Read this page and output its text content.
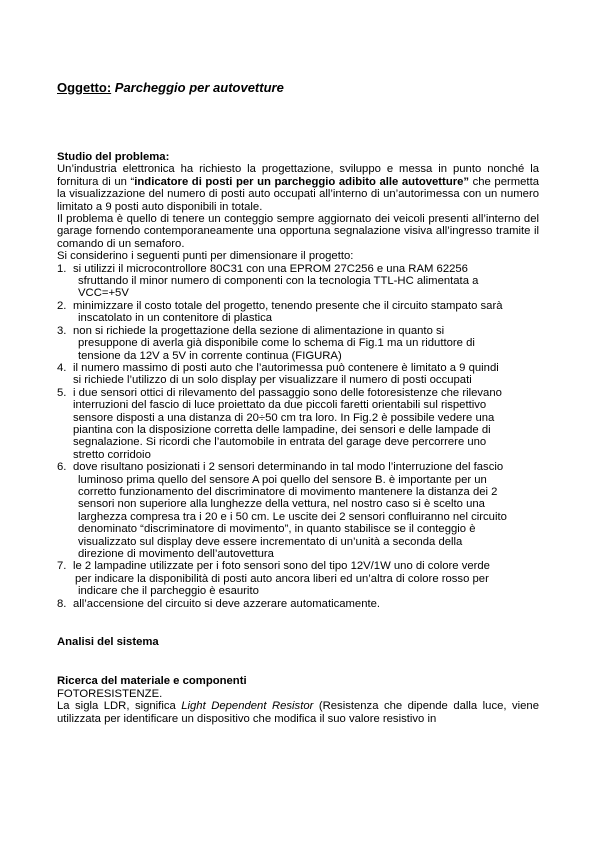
Oggetto: Parcheggio per autovetture

Studio del problema:

Un’industria elettronica ha richiesto la progettazione, sviluppo e messa in punto nonché la fornitura di un “indicatore di posti per un parcheggio adibito alle autovetture” che permetta la visualizzazione del numero di posti auto occupati all’interno di un’autorimessa con un numero limitato a 9 posti auto disponibili in totale.
Il problema è quello di tenere un conteggio sempre aggiornato dei veicoli presenti all’interno del garage fornendo contemporaneamente una opportuna segnalazione visiva all’ingresso tramite il comando di un semaforo.

Si considerino i seguenti punti per dimensionare il progetto:

1. si utilizzi il microcontrollore 80C31 con una EPROM 27C256 e una RAM 62256
sfruttando il minor numero di componenti con la tecnologia TTL-HC alimentata a
VCC=+5V
2. minimizzare il costo totale del progetto, tenendo presente che il circuito stampato sarà
inscatolato in un contenitore di plastica
3. non si richiede la progettazione della sezione di alimentazione in quanto si
presuppone di averla già disponibile come lo schema di Fig.1 ma un riduttore di
tensione da 12V a 5V in corrente continua (FIGURA)
4. il numero massimo di posti auto che l’autorimessa può contenere è limitato a 9 quindi
si richiede l’utilizzo di un solo display per visualizzare il numero di posti occupati
5. i due sensori ottici di rilevamento del passaggio sono delle fotoresistenze che rilevano
interruzioni del fascio di luce proiettato da due piccoli faretti orientabili sul rispettivo
sensore disposti a una distanza di 20÷50 cm tra loro. In Fig.2 è possibile vedere una
piantina con la disposizione corretta delle lampadine, dei sensori e delle lampade di
segnalazione. Si ricordi che l’automobile in entrata del garage deve percorrere uno
stretto corridoio
6. dove risultano posizionati i 2 sensori determinando in tal modo l’interruzione del fascio
luminoso prima quello del sensore A poi quello del sensore B. è importante per un
corretto funzionamento del discriminatore di movimento mantenere la distanza dei 2
sensori non superiore alla lunghezze della vettura, nel nostro caso si è scelto una
larghezza compresa tra i 20 e i 50 cm. Le uscite dei 2 sensori confluiranno nel circuito
denominato “discriminatore di movimento”, in quanto stabilisce se il conteggio è
visualizzato sul display deve essere incrementato di un’unità a seconda della
direzione di movimento dell’autovettura
7. le 2 lampadine utilizzate per i foto sensori sono del tipo 12V/1W uno di colore verde
per indicare la disponibilità di posti auto ancora liberi ed un’altra di colore rosso per
indicare che il parcheggio è esaurito
8. all’accensione del circuito si deve azzerare automaticamente.

Analisi del sistema

Ricerca del materiale e componenti

FOTORESISTENZE.

La sigla LDR, significa Light Dependent Resistor (Resistenza che dipende dalla luce, viene utilizzata per identificare un dispositivo che modifica il suo valore resistivo in
